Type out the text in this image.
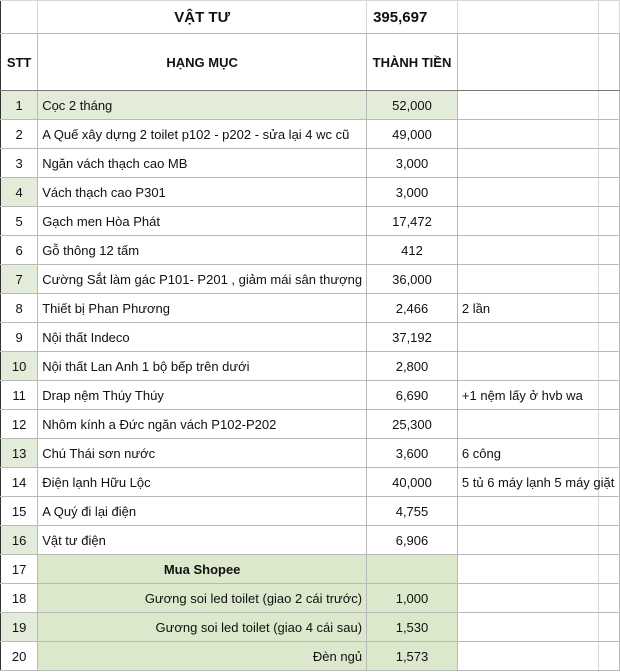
	VẬT TƯ	395,697	
STT	HẠNG MỤC	THÀNH TIỀN	
1	Cọc 2 tháng	52,000	
2	A Quế xây dựng 2 toilet p102 - p202 - sửa lại 4 wc cũ	49,000	
3	Ngăn vách thạch cao MB	3,000	
4	Vách thạch cao P301	3,000	
5	Gạch men Hòa Phát	17,472	
6	Gỗ thông 12 tấm	412	
7	Cường Sắt làm gác P101- P201 , giảm mái sân thượng	36,000	
8	Thiết bị Phan Phương	2,466	2 lần
9	Nội thất Indeco	37,192	
10	Nội thất Lan Anh 1 bộ bếp trên dưới	2,800	
11	Drap nệm Thúy Thúy	6,690	+1 nệm lấy ở hvb wa
12	Nhôm kính a Đức ngăn vách P102-P202	25,300	
13	Chú Thái sơn nước	3,600	6 công
14	Điện lạnh Hữu Lộc	40,000	5 tủ 6 máy lạnh 5 máy giặt
15	A Quý đi lại điện	4,755	
16	Vật tư điện	6,906	
17	Mua Shopee		
18	Gương soi led toilet (giao 2 cái trước)	1,000	
19	Gương soi led toilet (giao 4 cái sau)	1,530	
20	Đèn ngủ	1,573	
